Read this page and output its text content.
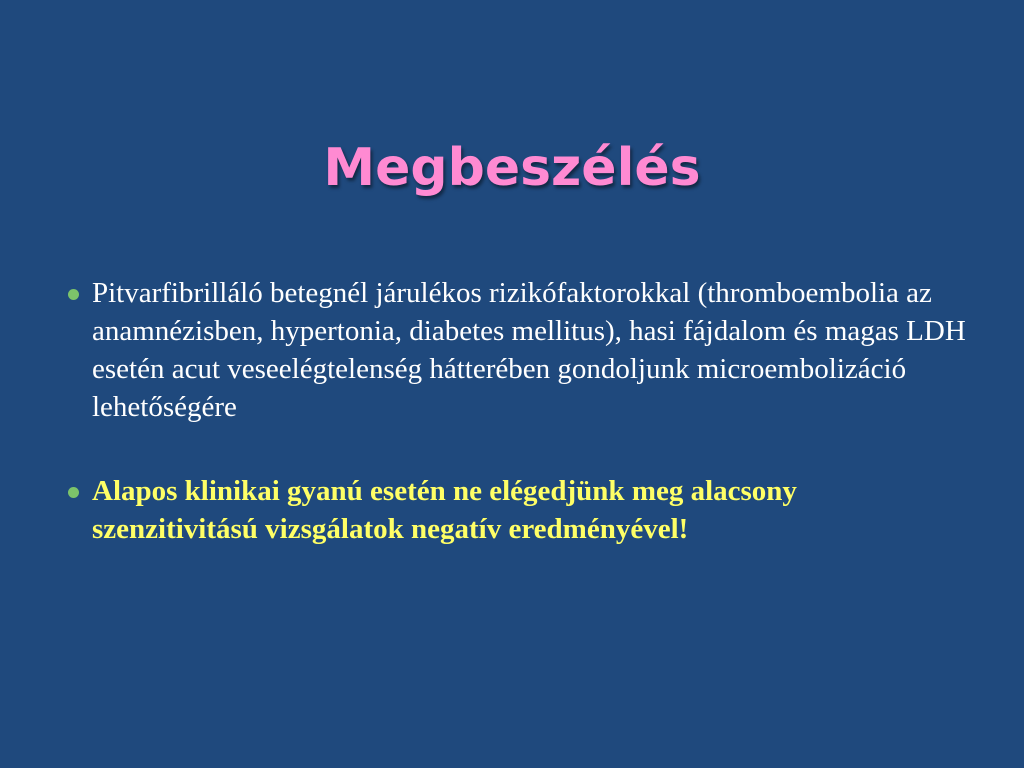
Megbeszélés
Pitvarfibrilláló betegnél járulékos rizikófaktorokkal (thromboembolia az anamnézisben, hypertonia, diabetes mellitus), hasi fájdalom és magas LDH esetén acut veseelégtelenség hátterében gondoljunk microembolizáció lehetőségére
Alapos klinikai gyanú esetén ne elégedjünk meg alacsony szenzitivitású vizsgálatok negatív eredményével!
